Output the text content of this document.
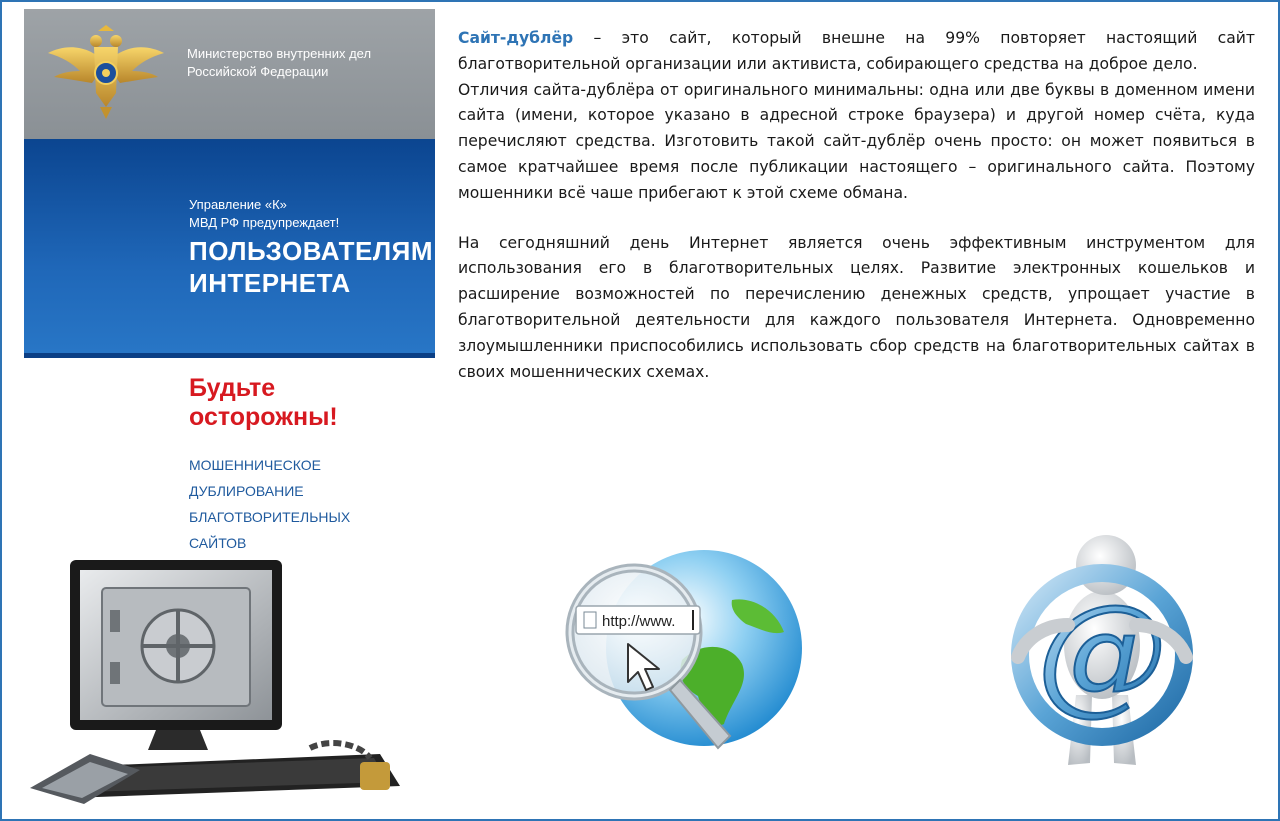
Министерство внутренних дел
Российской Федерации
Управление «К»
МВД РФ предупреждает!
ПОЛЬЗОВАТЕЛЯМ
ИНТЕРНЕТА
Будьте
осторожны!
МОШЕННИЧЕСКОЕ
ДУБЛИРОВАНИЕ
БЛАГОТВОРИТЕЛЬНЫХ
САЙТОВ

Сайт-дублёр – это сайт, который внешне на 99% повторяет настоящий сайт благотворительной организации или активиста, собирающего средства на доброе дело.

Отличия сайта-дублёра от оригинального минимальны: одна или две буквы в доменном имени сайта (имени, которое указано в адресной строке браузера) и другой номер счёта, куда перечисляют средства. Изготовить такой сайт-дублёр очень просто: он может появиться в самое кратчайшее время после публикации настоящего – оригинального сайта. Поэтому мошенники всё чаше прибегают к этой схеме обмана.

На сегодняшний день Интернет является очень эффективным инструментом для использования его в благотворительных целях. Развитие электронных кошельков и расширение возможностей по перечислению денежных средств, упрощает участие в благотворительной деятельности для каждого пользователя Интернета. Одновременно злоумышленники приспособились использовать сбор средств на благотворительных сайтах в своих мошеннических схемах.

http://www.	@
